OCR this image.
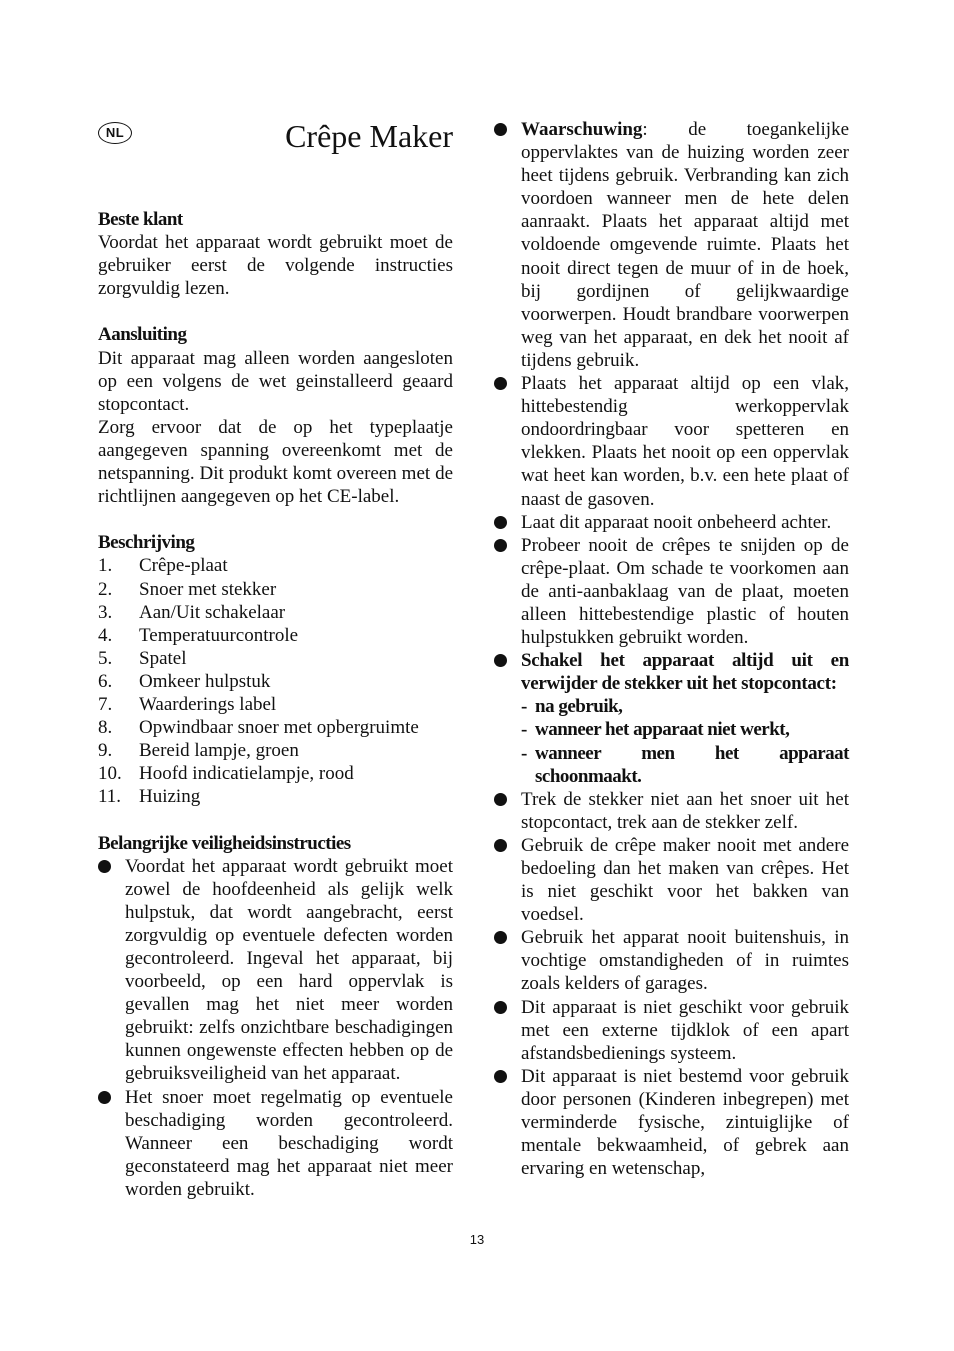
NL	Crêpe Maker
Beste klant

Voordat het apparaat wordt gebruikt moet de gebruiker eerst de volgende instructies zorgvuldig lezen.

Aansluiting

Dit apparaat mag alleen worden aangesloten op een volgens de wet geinstalleerd geaard stopcontact.

Zorg ervoor dat de op het typeplaatje aangegeven spanning overeenkomt met de netspanning. Dit produkt komt overeen met de richtlijnen aangegeven op het CE-label.

Beschrijving
1.	Crêpe-plaat
2.	Snoer met stekker
3.	Aan/Uit schakelaar
4.	Temperatuurcontrole
5.	Spatel
6.	Omkeer hulpstuk
7.	Waarderings label
8.	Opwindbaar snoer met opbergruimte
9.	Bereid lampje, groen
10. Hoofd indicatielampje, rood
11. Huizing
Belangrijke veiligheidsinstructies
Voordat het apparaat wordt gebruikt moet zowel de hoofdeenheid als gelijk welk hulpstuk, dat wordt aangebracht, eerst zorgvuldig op eventuele defecten worden gecontroleerd. Ingeval het apparaat, bij voorbeeld, op een hard oppervlak is gevallen mag het niet meer worden gebruikt: zelfs onzichtbare beschadigingen kunnen ongewenste effecten hebben op de gebruiksveiligheid van het apparaat.
Het snoer moet regelmatig op eventuele beschadiging worden gecontroleerd. Wanneer een beschadiging wordt geconstateerd mag het apparaat niet meer worden gebruikt.
Waarschuwing: de toegankelijke oppervlaktes van de huizing worden zeer heet tijdens gebruik. Verbranding kan zich voordoen wanneer men de hete delen aanraakt. Plaats het apparaat altijd met voldoende omgevende ruimte. Plaats het nooit direct tegen de muur of in de hoek, bij gordijnen of gelijkwaardige voorwerpen. Houdt brandbare voorwerpen weg van het apparaat, en dek het nooit af tijdens gebruik.
Plaats het apparaat altijd op een vlak, hittebestendig werkoppervlak ondoordringbaar voor spetteren en vlekken. Plaats het nooit op een oppervlak wat heet kan worden, b.v. een hete plaat of naast de gasoven.
Laat dit apparaat nooit onbeheerd achter.
Probeer nooit de crêpes te snijden op de crêpe-plaat. Om schade te voorkomen aan de anti-aanbaklaag van de plaat, moeten alleen hittebestendige plastic of houten hulpstukken gebruikt worden.
Schakel het apparaat altijd uit en verwijder de stekker uit het stopcontact:
- na gebruik,
- wanneer het apparaat niet werkt,
- wanneer men het apparaat schoonmaakt.
Trek de stekker niet aan het snoer uit het stopcontact, trek aan de stekker zelf.
Gebruik de crêpe maker nooit met andere bedoeling dan het maken van crêpes. Het is niet geschikt voor het bakken van voedsel.
Gebruik het apparat nooit buitenshuis, in vochtige omstandigheden of in ruimtes zoals kelders of garages.
Dit apparaat is niet geschikt voor gebruik met een externe tijdklok of een apart afstandsbedienings systeem.
Dit apparaat is niet bestemd voor gebruik door personen (Kinderen inbegrepen) met verminderde fysische, zintuiglijke of mentale bekwaamheid, of gebrek aan ervaring en wetenschap,
13
